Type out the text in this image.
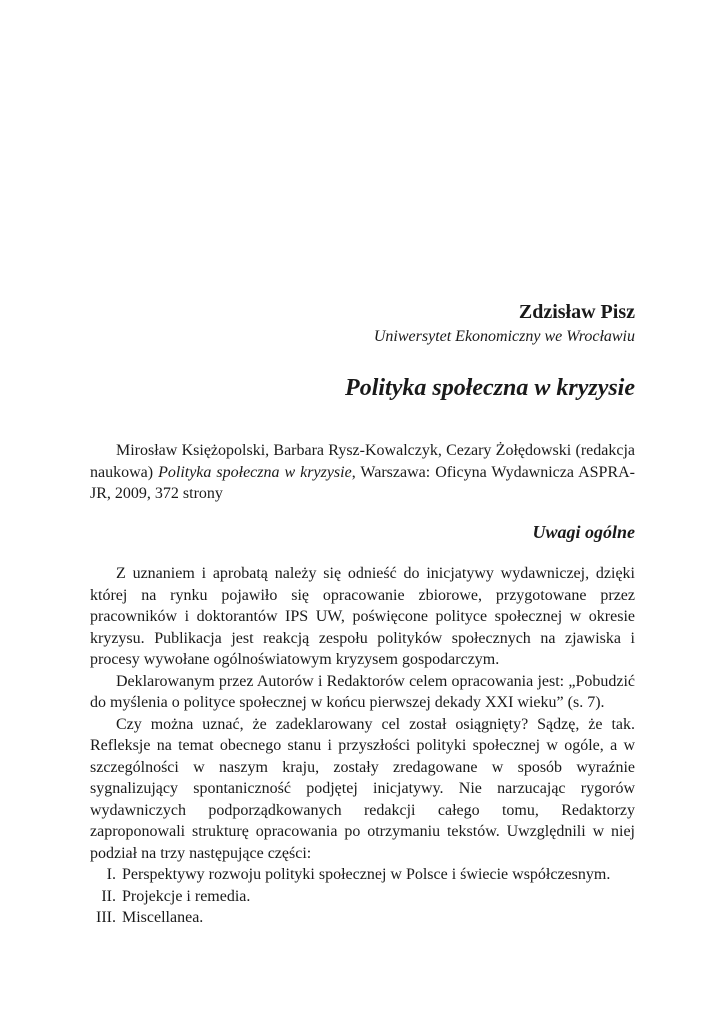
Zdzisław Pisz
Uniwersytet Ekonomiczny we Wrocławiu
Polityka społeczna w kryzysie

Mirosław Księżopolski, Barbara Rysz-Kowalczyk, Cezary Żołędowski (redakcja naukowa) Polityka społeczna w kryzysie, Warszawa: Oficyna Wydawnicza ASPRA-JR, 2009, 372 strony

Uwagi ogólne

Z uznaniem i aprobatą należy się odnieść do inicjatywy wydawniczej, dzięki której na rynku pojawiło się opracowanie zbiorowe, przygotowane przez pracowników i doktorantów IPS UW, poświęcone polityce społecznej w okresie kryzysu. Publikacja jest reakcją zespołu polityków społecznych na zjawiska i procesy wywołane ogólnoświatowym kryzysem gospodarczym.

Deklarowanym przez Autorów i Redaktorów celem opracowania jest: „Pobudzić do myślenia o polityce społecznej w końcu pierwszej dekady XXI wieku” (s. 7).

Czy można uznać, że zadeklarowany cel został osiągnięty? Sądzę, że tak. Refleksje na temat obecnego stanu i przyszłości polityki społecznej w ogóle, a w szczególności w naszym kraju, zostały zredagowane w sposób wyraźnie sygnalizujący spontaniczność podjętej inicjatywy. Nie narzucając rygorów wydawniczych podporządkowanych redakcji całego tomu, Redaktorzy zaproponowali strukturę opracowania po otrzymaniu tekstów. Uwzględnili w niej podział na trzy następujące części:

I. Perspektywy rozwoju polityki społecznej w Polsce i świecie współczesnym.
II. Projekcje i remedia.
III. Miscellanea.
